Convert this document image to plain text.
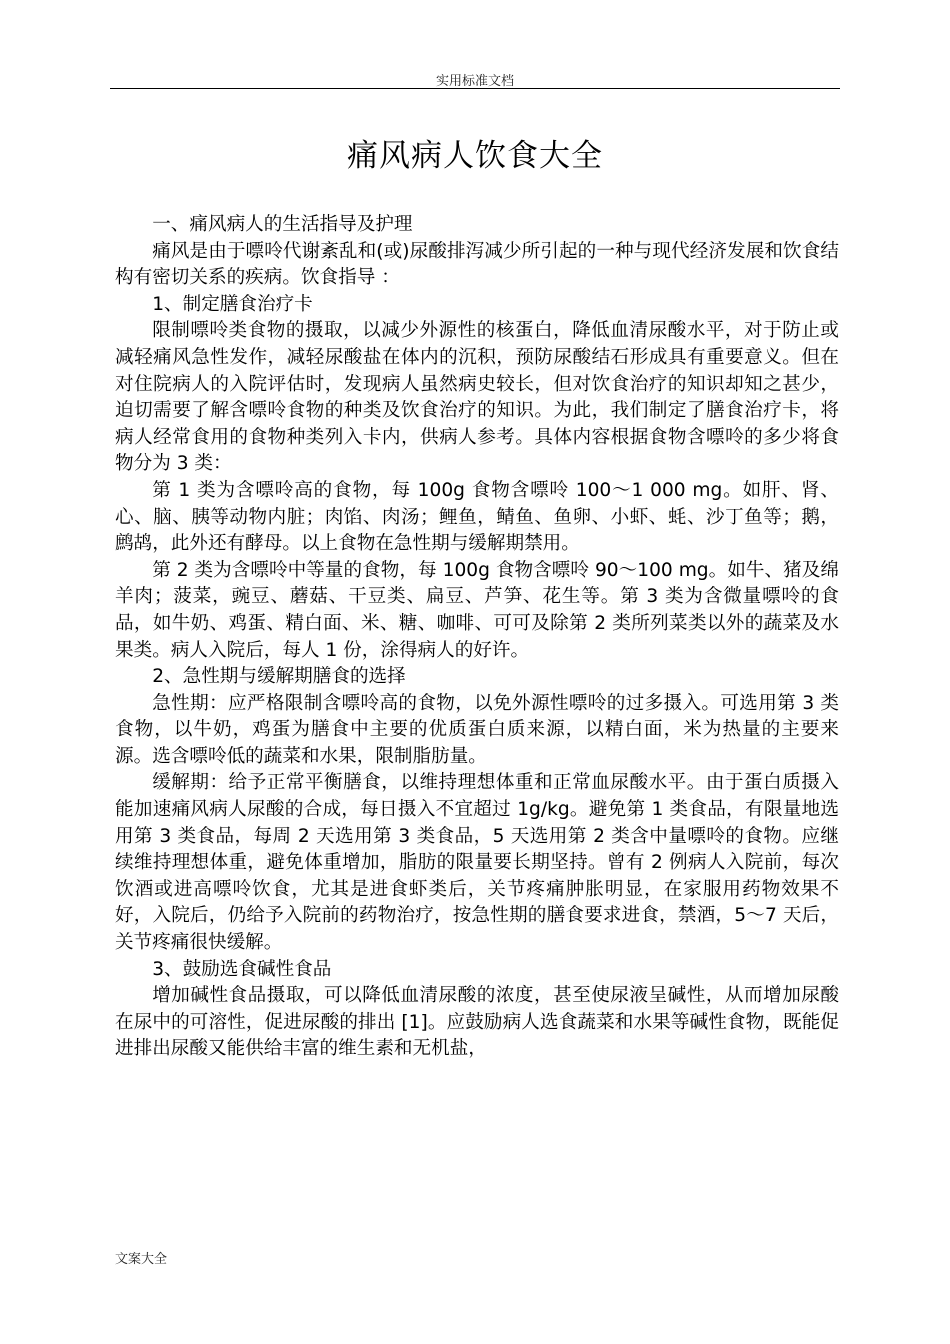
实用标准文档
痛风病人饮食大全

一、痛风病人的生活指导及护理

痛风是由于嘌呤代谢紊乱和(或)尿酸排泻减少所引起的一种与现代经济发展和饮食结构有密切关系的疾病。饮食指导 ：

1、制定膳食治疗卡

限制嘌呤类食物的摄取，以减少外源性的核蛋白，降低血清尿酸水平，对于防止或减轻痛风急性发作，减轻尿酸盐在体内的沉积，预防尿酸结石形成具有重要意义。但在对住院病人的入院评估时，发现病人虽然病史较长，但对饮食治疗的知识却知之甚少，迫切需要了解含嘌呤食物的种类及饮食治疗的知识。为此，我们制定了膳食治疗卡，将病人经常食用的食物种类列入卡内，供病人参考。具体内容根据食物含嘌呤的多少将食物分为 3 类：

第 1 类为含嘌呤高的食物，每 100g 食物含嘌呤 100～1 000 mg。如肝、肾、心、脑、胰等动物内脏；肉馅、肉汤；鲤鱼，鲭鱼、鱼卵、小虾、蚝、沙丁鱼等；鹅，鹧鸪，此外还有酵母。以上食物在急性期与缓解期禁用。

第 2 类为含嘌呤中等量的食物，每 100g 食物含嘌呤 90～100 mg。如牛、猪及绵羊肉；菠菜，豌豆、蘑菇、干豆类、扁豆、芦笋、花生等。第 3 类为含微量嘌呤的食品，如牛奶、鸡蛋、精白面、米、糖、咖啡、可可及除第 2 类所列菜类以外的蔬菜及水果类。病人入院后，每人 1 份，涂得病人的好许。

2、急性期与缓解期膳食的选择

急性期：应严格限制含嘌呤高的食物，以免外源性嘌呤的过多摄入。可选用第 3 类食物，以牛奶，鸡蛋为膳食中主要的优质蛋白质来源，以精白面，米为热量的主要来源。选含嘌呤低的蔬菜和水果，限制脂肪量。

缓解期：给予正常平衡膳食，以维持理想体重和正常血尿酸水平。由于蛋白质摄入能加速痛风病人尿酸的合成，每日摄入不宜超过 1g/kg。避免第 1 类食品，有限量地选用第 3 类食品，每周 2 天选用第 3 类食品，5 天选用第 2 类含中量嘌呤的食物。应继续维持理想体重，避免体重增加，脂肪的限量要长期坚持。曾有 2 例病人入院前，每次饮酒或进高嘌呤饮食，尤其是进食虾类后，关节疼痛肿胀明显，在家服用药物效果不好，入院后，仍给予入院前的药物治疗，按急性期的膳食要求进食，禁酒，5～7 天后，关节疼痛很快缓解。

3、鼓励选食碱性食品

增加碱性食品摄取，可以降低血清尿酸的浓度，甚至使尿液呈碱性，从而增加尿酸在尿中的可溶性，促进尿酸的排出 [1]。应鼓励病人选食蔬菜和水果等碱性食物，既能促进排出尿酸又能供给丰富的维生素和无机盐，

文案大全
